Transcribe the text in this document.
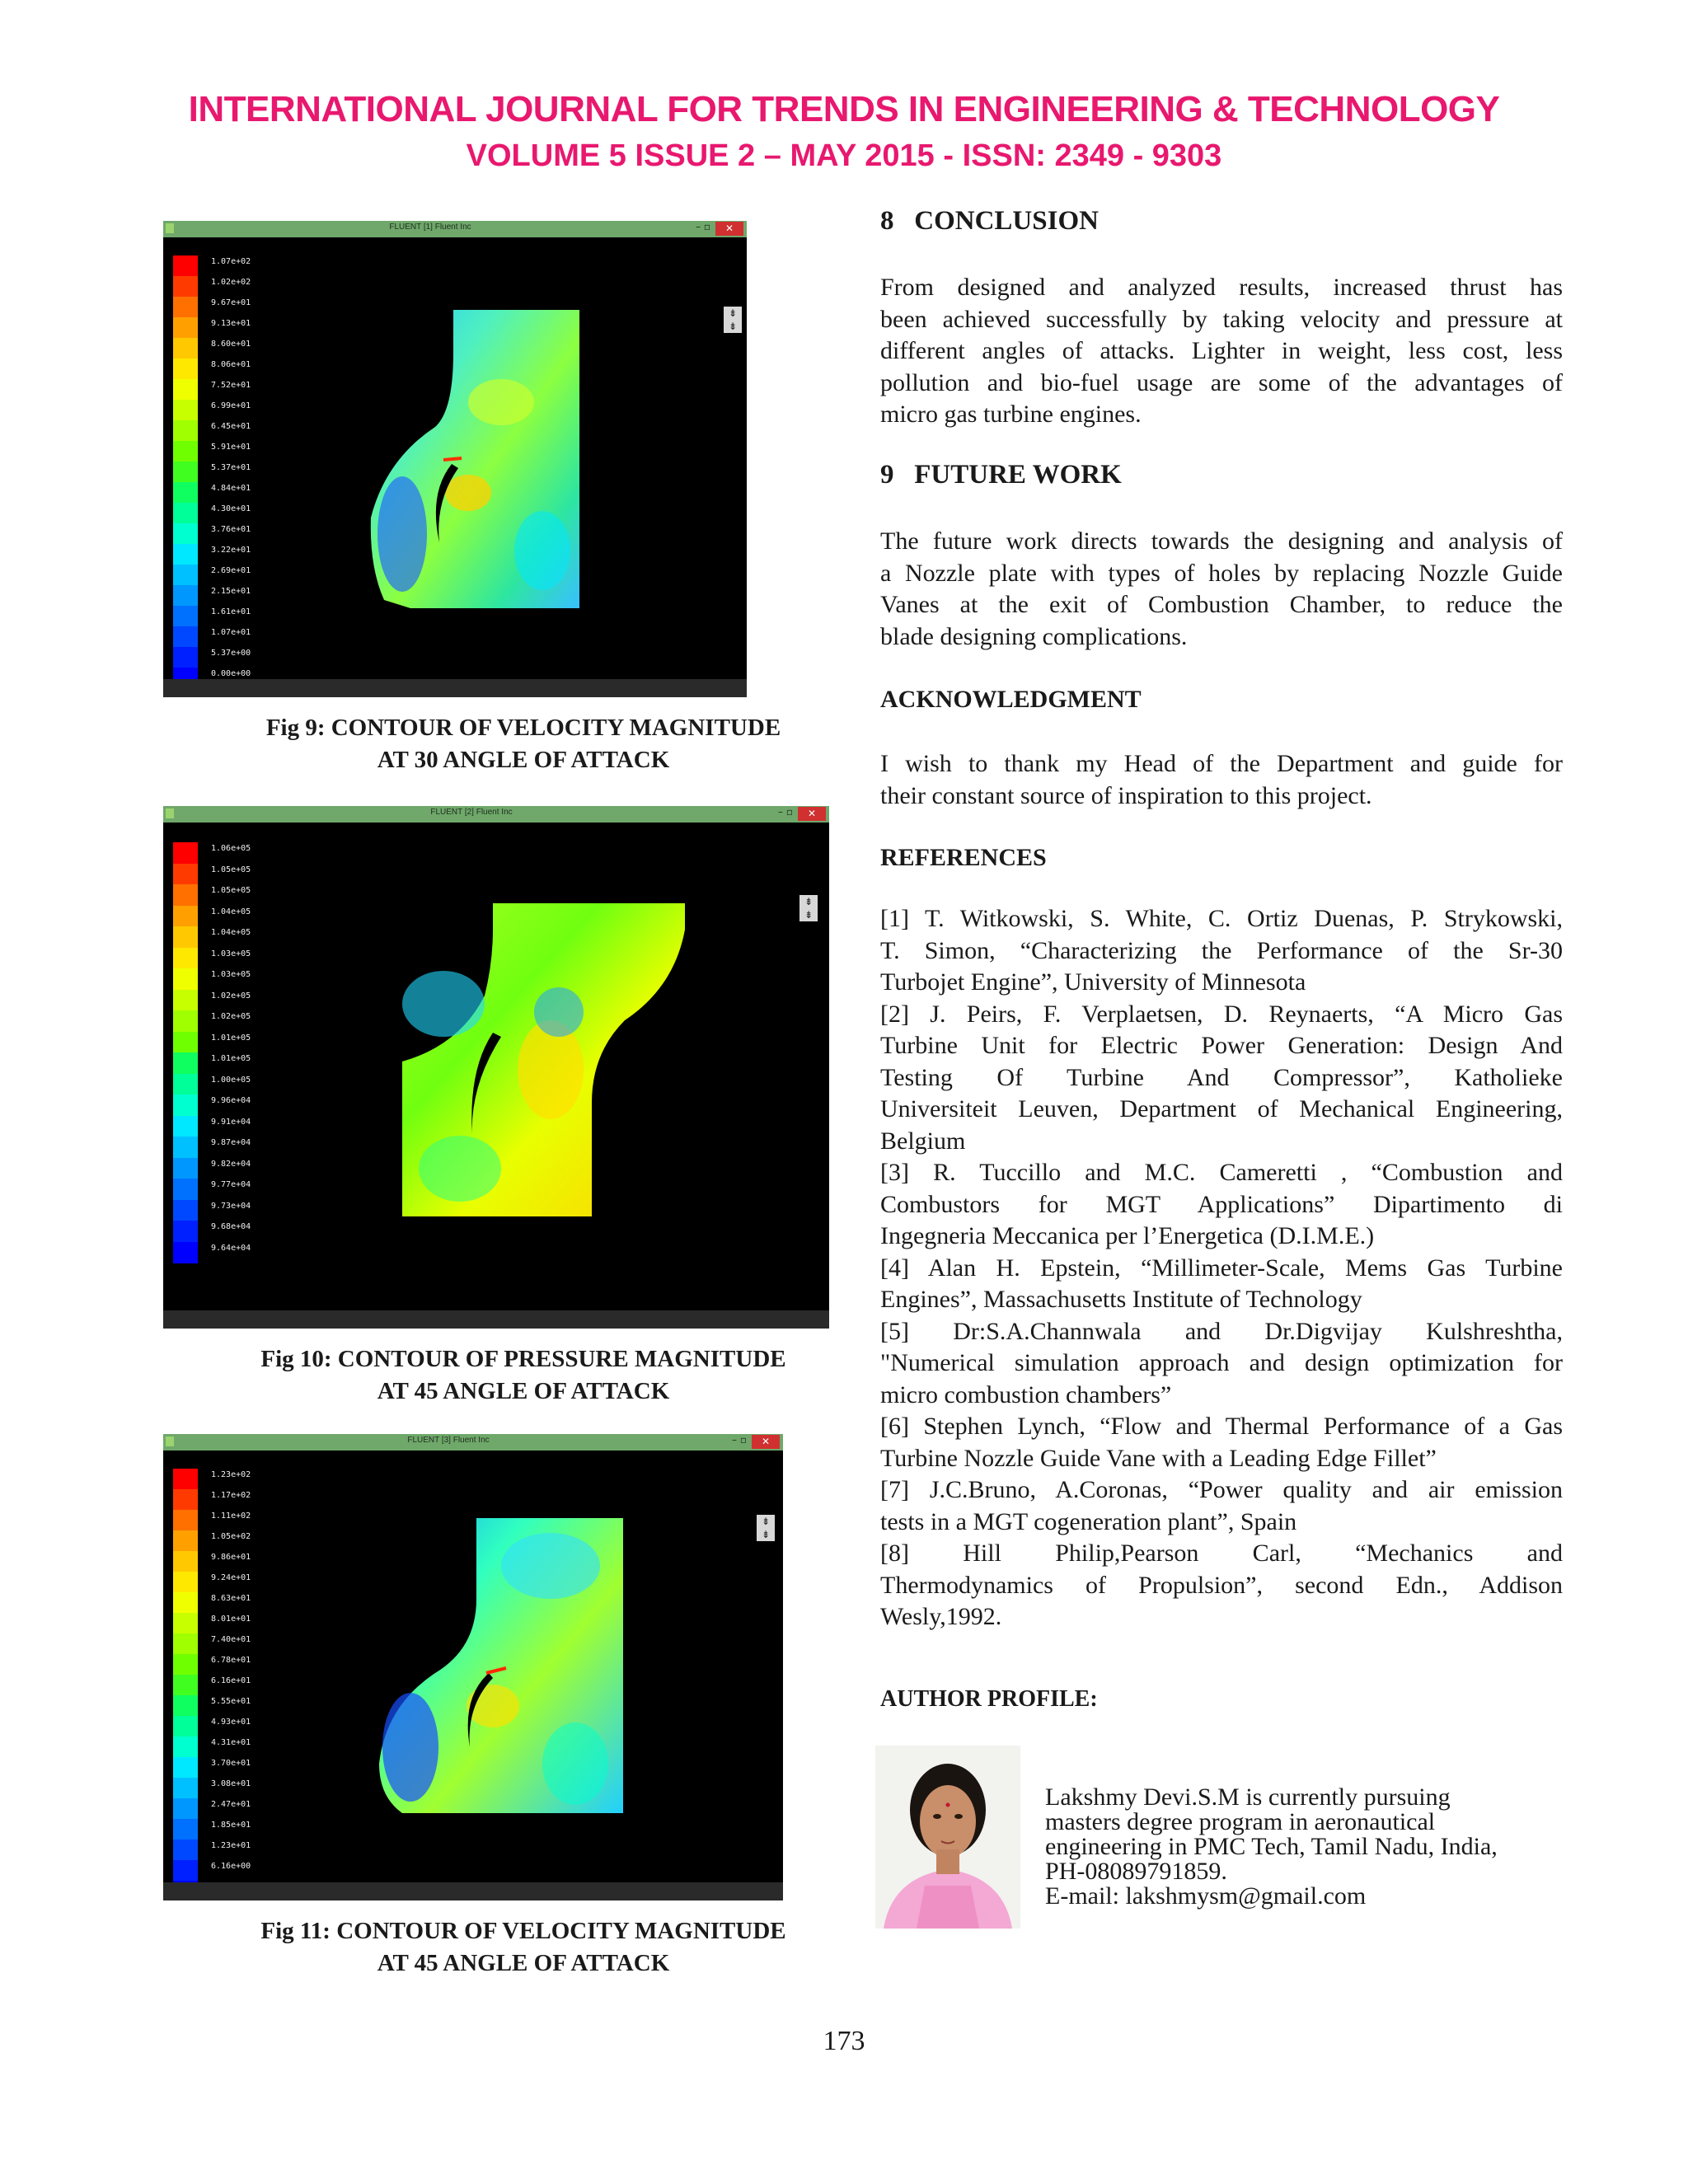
INTERNATIONAL JOURNAL FOR TRENDS IN ENGINEERING & TECHNOLOGY
VOLUME 5 ISSUE 2 – MAY 2015 - ISSN: 2349 - 9303
FLUENT [1] Fluent Inc	– ▫	✕
1.07e+02
1.02e+02
9.67e+01
9.13e+01
8.60e+01
8.06e+01
7.52e+01
6.99e+01
6.45e+01
5.91e+01
5.37e+01
4.84e+01
4.30e+01
3.76e+01
3.22e+01
2.69e+01
2.15e+01
1.61e+01
1.07e+01
5.37e+00
0.00e+00
⇟
⇟
Fig 9: CONTOUR OF VELOCITY MAGNITUDE
AT 30 ANGLE OF ATTACK
FLUENT [2] Fluent Inc	– ▫	✕
1.06e+05
1.05e+05
1.05e+05
1.04e+05
1.04e+05
1.03e+05
1.03e+05
1.02e+05
1.02e+05
1.01e+05
1.01e+05
1.00e+05
9.96e+04
9.91e+04
9.87e+04
9.82e+04
9.77e+04
9.73e+04
9.68e+04
9.64e+04
⇟
⇟
Fig 10: CONTOUR OF PRESSURE MAGNITUDE
AT 45 ANGLE OF ATTACK
FLUENT [3] Fluent Inc	– ▫	✕
1.23e+02
1.17e+02
1.11e+02
1.05e+02
9.86e+01
9.24e+01
8.63e+01
8.01e+01
7.40e+01
6.78e+01
6.16e+01
5.55e+01
4.93e+01
4.31e+01
3.70e+01
3.08e+01
2.47e+01
1.85e+01
1.23e+01
6.16e+00
⇟
⇟
Fig 11: CONTOUR OF VELOCITY MAGNITUDE
AT 45 ANGLE OF ATTACK
8   CONCLUSION
From designed and analyzed results, increased thrust has
been achieved successfully by taking velocity and pressure at
different angles of attacks. Lighter in weight, less cost, less
pollution and bio-fuel usage are some of the advantages of
micro gas turbine engines.
9   FUTURE WORK
The future work directs towards the designing and analysis of
a Nozzle plate with types of holes by replacing Nozzle Guide
Vanes at the exit of Combustion Chamber, to reduce the
blade designing complications.
ACKNOWLEDGMENT
I wish to thank my Head of the Department and guide for
their constant source of inspiration to this project.
REFERENCES
[1] T. Witkowski, S. White, C. Ortiz Duenas, P. Strykowski,
T. Simon, “Characterizing the Performance of the Sr-30
Turbojet Engine”, University of Minnesota
[2] J. Peirs, F. Verplaetsen, D. Reynaerts, “A Micro Gas
Turbine Unit for Electric Power Generation: Design And
Testing Of Turbine And Compressor”, Katholieke
Universiteit Leuven, Department of Mechanical Engineering,
Belgium
[3] R. Tuccillo and M.C. Cameretti , “Combustion and
Combustors for MGT Applications” Dipartimento di
Ingegneria Meccanica per l’Energetica (D.I.M.E.)
[4] Alan H. Epstein, “Millimeter-Scale, Mems Gas Turbine
Engines”, Massachusetts Institute of Technology
[5] Dr:S.A.Channwala and Dr.Digvijay Kulshreshtha,
"Numerical simulation approach and design optimization for
micro combustion chambers”
[6] Stephen Lynch, “Flow and Thermal Performance of a Gas
Turbine Nozzle Guide Vane with a Leading Edge Fillet”
[7] J.C.Bruno, A.Coronas, “Power quality and air emission
tests in a MGT cogeneration plant”, Spain
[8] Hill Philip,Pearson Carl, “Mechanics and
Thermodynamics of Propulsion”, second Edn., Addison
Wesly,1992.
AUTHOR PROFILE:
Lakshmy Devi.S.M is currently pursuing
masters degree program in aeronautical
engineering in PMC Tech, Tamil Nadu, India,
PH-08089791859.
E-mail: lakshmysm@gmail.com
173
